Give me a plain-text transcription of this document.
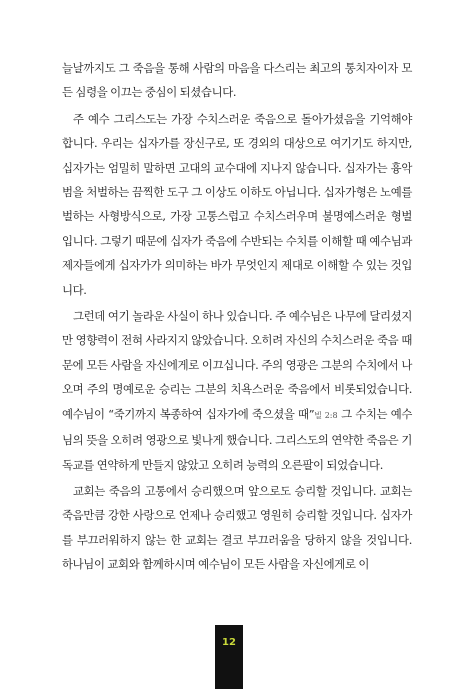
늘날까지도 그 죽음을 통해 사람의 마음을 다스리는 최고의 통치자이자 모든 심령을 이끄는 중심이 되셨습니다.

주 예수 그리스도는 가장 수치스러운 죽음으로 돌아가셨음을 기억해야 합니다. 우리는 십자가를 장신구로, 또 경외의 대상으로 여기기도 하지만, 십자가는 엄밀히 말하면 고대의 교수대에 지나지 않습니다. 십자가는 흉악범을 처벌하는 끔찍한 도구 그 이상도 이하도 아닙니다. 십자가형은 노예를 벌하는 사형방식으로, 가장 고통스럽고 수치스러우며 불명예스러운 형벌입니다. 그렇기 때문에 십자가 죽음에 수반되는 수치를 이해할 때 예수님과 제자들에게 십자가가 의미하는 바가 무엇인지 제대로 이해할 수 있는 것입니다.

그런데 여기 놀라운 사실이 하나 있습니다. 주 예수님은 나무에 달리셨지만 영향력이 전혀 사라지지 않았습니다. 오히려 자신의 수치스러운 죽음 때문에 모든 사람을 자신에게로 이끄십니다. 주의 영광은 그분의 수치에서 나오며 주의 명예로운 승리는 그분의 치욕스러운 죽음에서 비롯되었습니다. 예수님이 “죽기까지 복종하여 십자가에 죽으셨을 때”빌 2:8 그 수치는 예수님의 뜻을 오히려 영광으로 빛나게 했습니다. 그리스도의 연약한 죽음은 기독교를 연약하게 만들지 않았고 오히려 능력의 오른팔이 되었습니다.

교회는 죽음의 고통에서 승리했으며 앞으로도 승리할 것입니다. 교회는 죽음만큼 강한 사랑으로 언제나 승리했고 영원히 승리할 것입니다. 십자가를 부끄러워하지 않는 한 교회는 결코 부끄러움을 당하지 않을 것입니다. 하나님이 교회와 함께하시며 예수님이 모든 사람을 자신에게로 이

12
